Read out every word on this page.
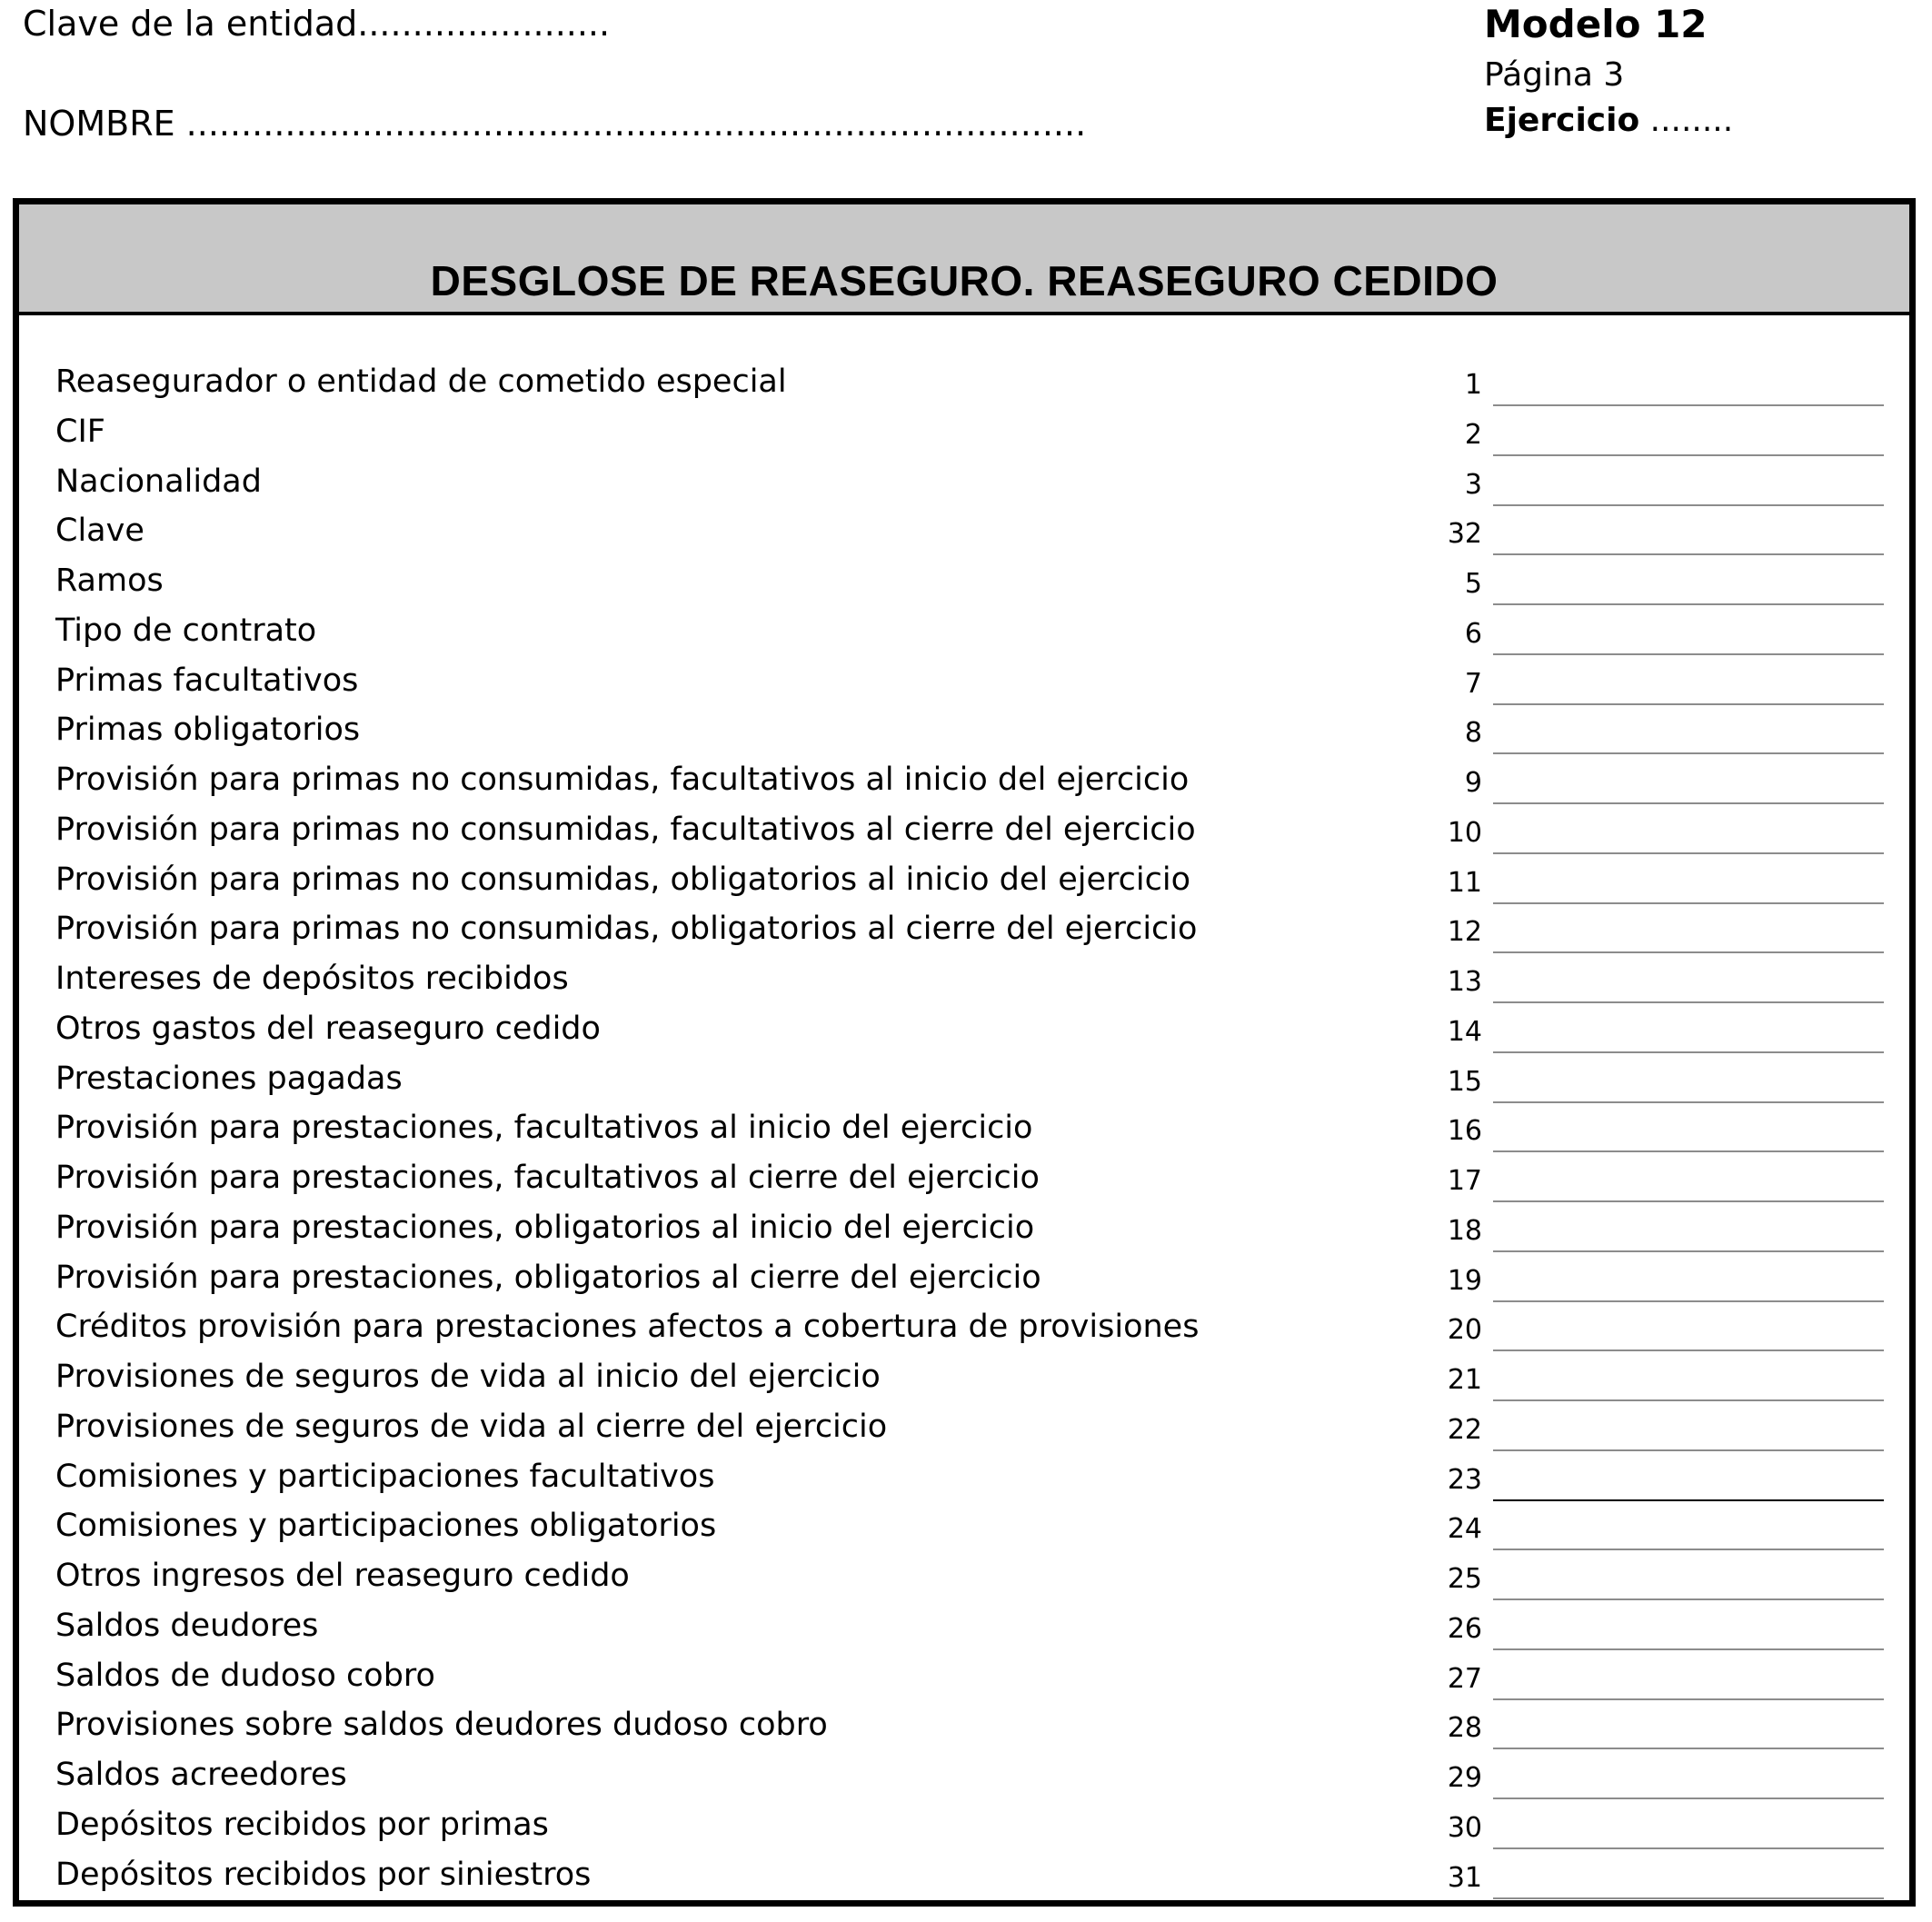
Clave de la entidad.......................
NOMBRE ..................................................................................
Modelo 12
Página 3
Ejercicio ........
DESGLOSE DE REASEGURO. REASEGURO CEDIDO
Reasegurador o entidad de cometido especial	1
CIF	2
Nacionalidad	3
Clave	32
Ramos	5
Tipo de contrato	6
Primas facultativos	7
Primas obligatorios	8
Provisión para primas no consumidas, facultativos al inicio del ejercicio	9
Provisión para primas no consumidas, facultativos al cierre del ejercicio	10
Provisión para primas no consumidas, obligatorios al inicio del ejercicio	11
Provisión para primas no consumidas, obligatorios al cierre del ejercicio	12
Intereses de depósitos recibidos	13
Otros gastos del reaseguro cedido	14
Prestaciones pagadas	15
Provisión para prestaciones, facultativos al inicio del ejercicio	16
Provisión para prestaciones, facultativos al cierre del ejercicio	17
Provisión para prestaciones, obligatorios al inicio del ejercicio	18
Provisión para prestaciones, obligatorios al cierre del ejercicio	19
Créditos provisión para prestaciones afectos a cobertura de provisiones	20
Provisiones de seguros de vida al inicio del ejercicio	21
Provisiones de seguros de vida al cierre del ejercicio	22
Comisiones y participaciones facultativos	23
Comisiones y participaciones obligatorios	24
Otros ingresos del reaseguro cedido	25
Saldos deudores	26
Saldos de dudoso cobro	27
Provisiones sobre saldos deudores dudoso cobro	28
Saldos acreedores	29
Depósitos recibidos por primas	30
Depósitos recibidos por siniestros	31
